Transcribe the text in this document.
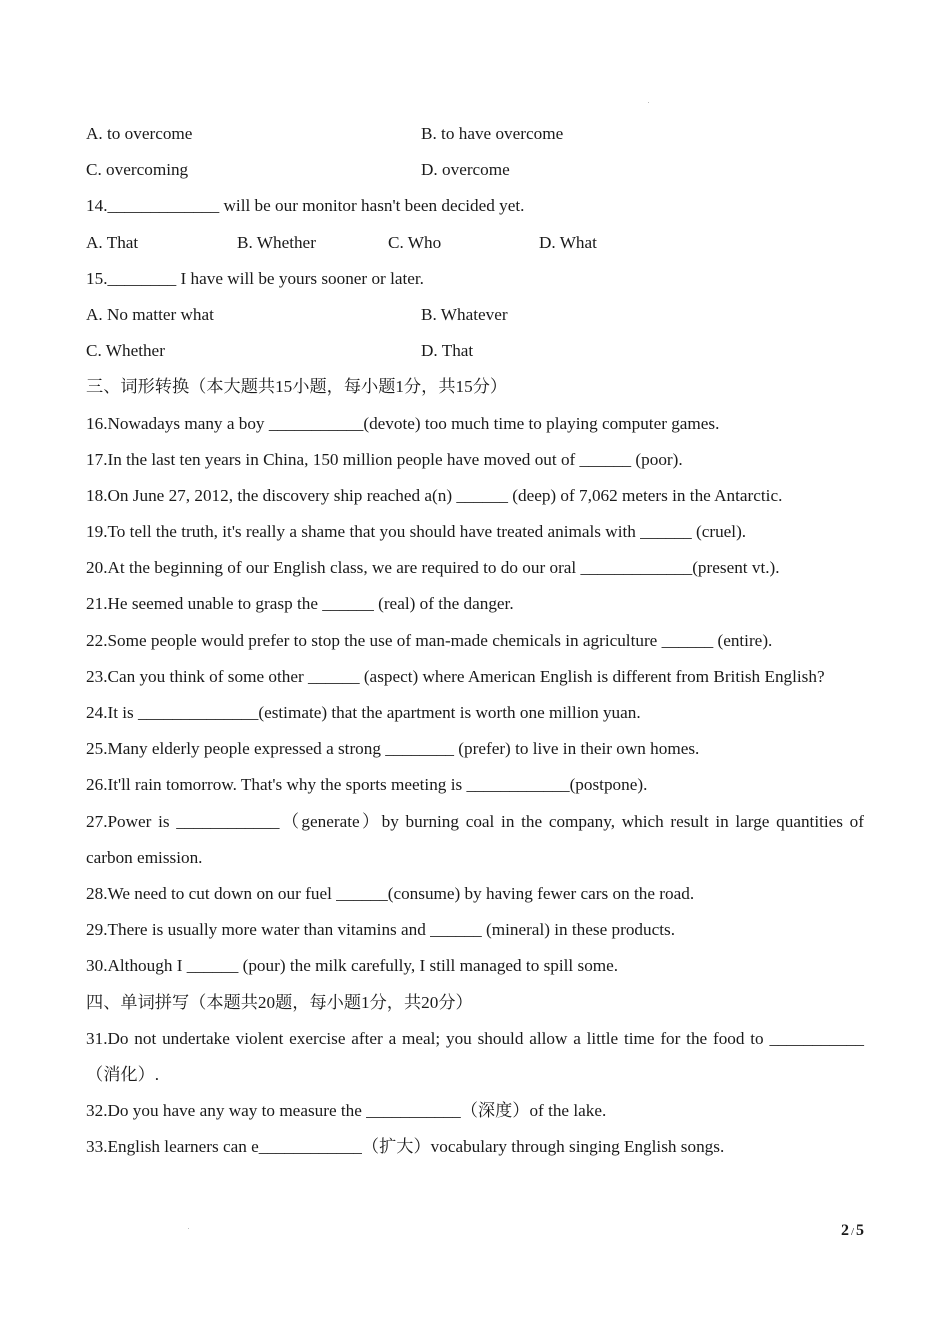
A. to overcome	B. to have overcome
C. overcoming	D. overcome
14._____________ will be our monitor hasn't been decided yet.
A. That	B. Whether	C. Who	D. What
15.________ I have will be yours sooner or later.
A. No matter what	B. Whatever
C. Whether	D. That
三、词形转换（本大题共15小题，每小题1分，共15分）
16.Nowadays many a boy ___________(devote) too much time to playing computer games.
17.In the last ten years in China, 150 million people have moved out of ______ (poor).
18.On June 27, 2012, the discovery ship reached a(n) ______ (deep) of 7,062 meters in the Antarctic.
19.To tell the truth, it's really a shame that you should have treated animals with ______ (cruel).
20.At the beginning of our English class, we are required to do our oral _____________(present vt.).
21.He seemed unable to grasp the ______ (real) of the danger.
22.Some people would prefer to stop the use of man-made chemicals in agriculture ______ (entire).
23.Can you think of some other ______ (aspect) where American English is different from British English?
24.It is ______________(estimate) that the apartment is worth one million yuan.
25.Many elderly people expressed a strong ________ (prefer) to live in their own homes.
26.It'll rain tomorrow. That's why the sports meeting is ____________(postpone).
27.Power is ____________（generate）by burning coal in the company, which result in large quantities of carbon emission.
28.We need to cut down on our fuel ______(consume) by having fewer cars on the road.
29.There is usually more water than vitamins and ______ (mineral) in these products.
30.Although I ______ (pour) the milk carefully, I still managed to spill some.
四、单词拼写（本题共20题，每小题1分，共20分）
31.Do not undertake violent exercise after a meal; you should allow a little time for the food to ___________（消化）.
32.Do you have any way to measure the ___________（深度）of the lake.
33.English learners can e____________（扩大）vocabulary through singing English songs.
2 / 5
